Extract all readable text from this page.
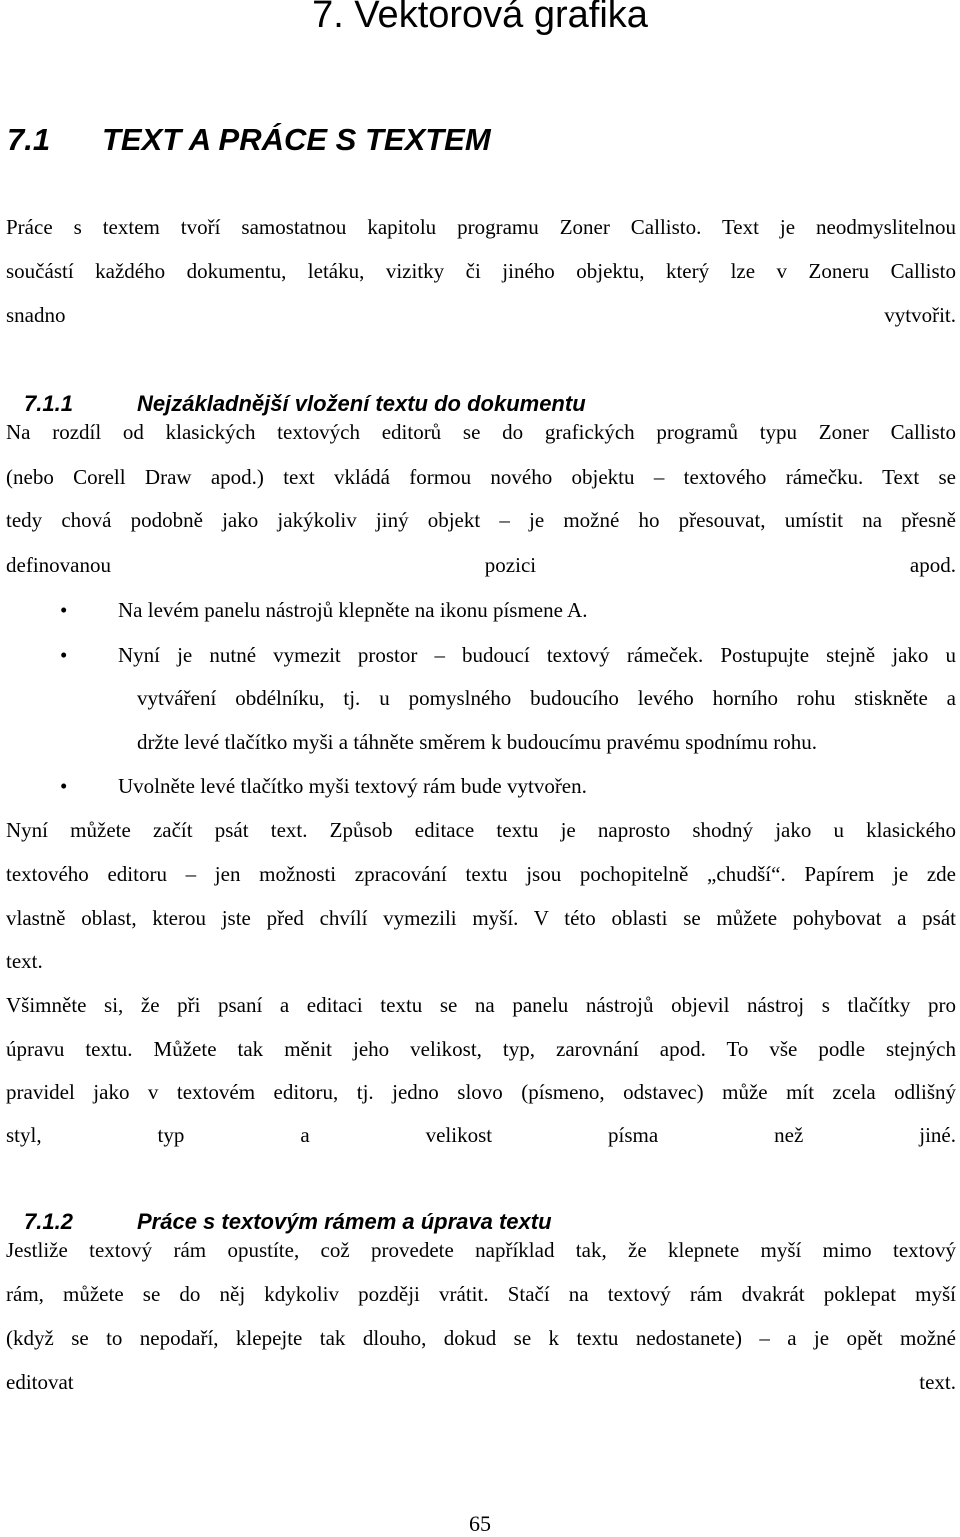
7. Vektorová grafika
7.1 TEXT A PRÁCE S TEXTEM
Práce s textem tvoří samostatnou kapitolu programu Zoner Callisto. Text je neodmyslitelnou
součástí každého dokumentu, letáku, vizitky či jiného objektu, který lze v Zoneru Callisto
snadno vytvořit.
7.1.1	Nejzákladnější vložení textu do dokumentu
Na rozdíl od klasických textových editorů se do grafických programů typu Zoner Callisto
(nebo Corell Draw apod.) text vkládá formou nového objektu – textového rámečku. Text se
tedy chová podobně jako jakýkoliv jiný objekt – je možné ho přesouvat, umístit na přesně
definovanou pozici apod.
• Na levém panelu nástrojů klepněte na ikonu písmene A.
• Nyní je nutné vymezit prostor – budoucí textový rámeček. Postupujte stejně jako u
vytváření obdélníku, tj. u pomyslného budoucího levého horního rohu stiskněte a
držte levé tlačítko myši a táhněte směrem k budoucímu pravému spodnímu rohu.
• Uvolněte levé tlačítko myši textový rám bude vytvořen.
Nyní můžete začít psát text. Způsob editace textu je naprosto shodný jako u klasického
textového editoru – jen možnosti zpracování textu jsou pochopitelně „chudší“. Papírem je zde
vlastně oblast, kterou jste před chvílí vymezili myší. V této oblasti se můžete pohybovat a psát
text.
Všimněte si, že při psaní a editaci textu se na panelu nástrojů objevil nástroj s tlačítky pro
úpravu textu. Můžete tak měnit jeho velikost, typ, zarovnání apod. To vše podle stejných
pravidel jako v textovém editoru, tj. jedno slovo (písmeno, odstavec) může mít zcela odlišný
styl, typ a velikost písma než jiné.
7.1.2	Práce s textovým rámem a úprava textu
Jestliže textový rám opustíte, což provedete například tak, že klepnete myší mimo textový
rám, můžete se do něj kdykoliv později vrátit. Stačí na textový rám dvakrát poklepat myší
(když se to nepodaří, klepejte tak dlouho, dokud se k textu nedostanete) – a je opět možné
editovat text.
65
